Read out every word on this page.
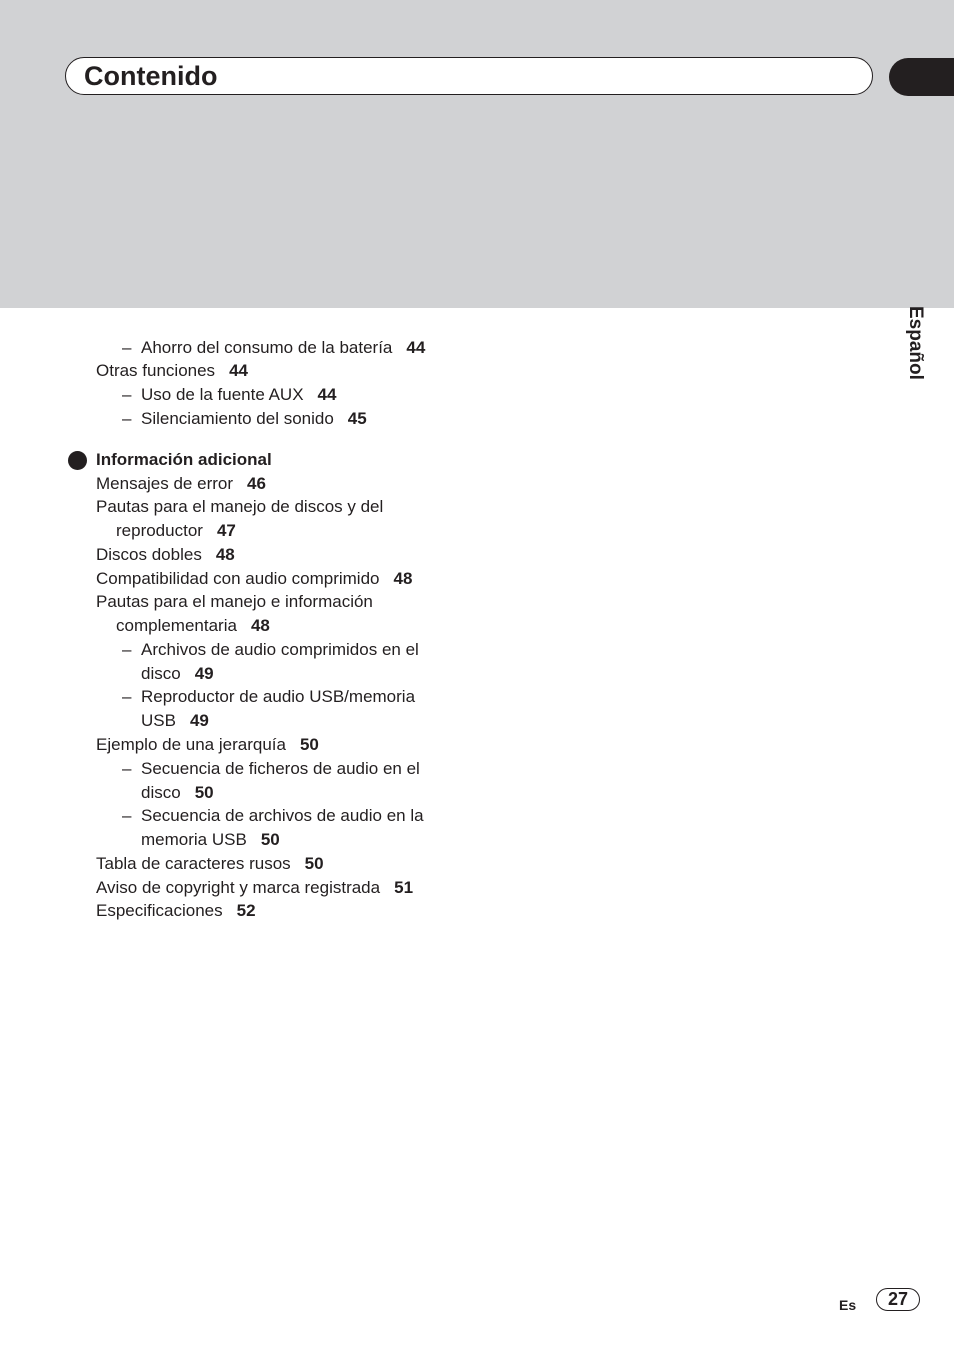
Contenido
Español
– Ahorro del consumo de la batería 44
Otras funciones 44
– Uso de la fuente AUX 44
– Silenciamiento del sonido 45
Información adicional
Mensajes de error 46
Pautas para el manejo de discos y del
reproductor 47
Discos dobles 48
Compatibilidad con audio comprimido 48
Pautas para el manejo e información
complementaria 48
– Archivos de audio comprimidos en el
disco 49
– Reproductor de audio USB/memoria
USB 49
Ejemplo de una jerarquía 50
– Secuencia de ficheros de audio en el
disco 50
– Secuencia de archivos de audio en la
memoria USB 50
Tabla de caracteres rusos 50
Aviso de copyright y marca registrada 51
Especificaciones 52
Es	27
